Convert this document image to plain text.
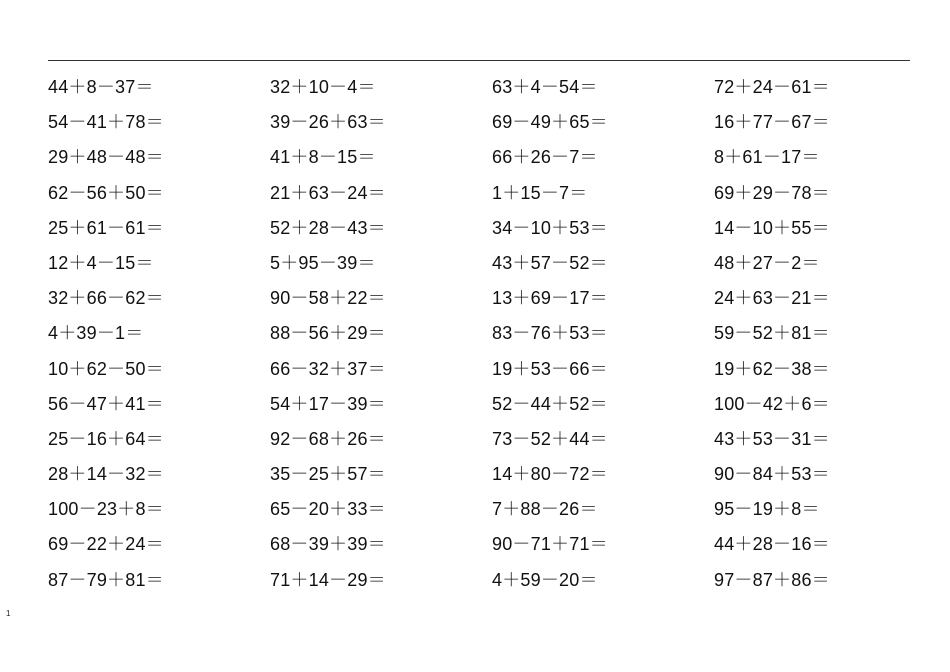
44＋8－37＝	32＋10－4＝	63＋4－54＝	72＋24－61＝
54－41＋78＝	39－26＋63＝	69－49＋65＝	16＋77－67＝
29＋48－48＝	41＋8－15＝	66＋26－7＝	8＋61－17＝
62－56＋50＝	21＋63－24＝	1＋15－7＝	69＋29－78＝
25＋61－61＝	52＋28－43＝	34－10＋53＝	14－10＋55＝
12＋4－15＝	5＋95－39＝	43＋57－52＝	48＋27－2＝
32＋66－62＝	90－58＋22＝	13＋69－17＝	24＋63－21＝
4＋39－1＝	88－56＋29＝	83－76＋53＝	59－52＋81＝
10＋62－50＝	66－32＋37＝	19＋53－66＝	19＋62－38＝
56－47＋41＝	54＋17－39＝	52－44＋52＝	100－42＋6＝
25－16＋64＝	92－68＋26＝	73－52＋44＝	43＋53－31＝
28＋14－32＝	35－25＋57＝	14＋80－72＝	90－84＋53＝
100－23＋8＝	65－20＋33＝	7＋88－26＝	95－19＋8＝
69－22＋24＝	68－39＋39＝	90－71＋71＝	44＋28－16＝
87－79＋81＝	71＋14－29＝	4＋59－20＝	97－87＋86＝
1
